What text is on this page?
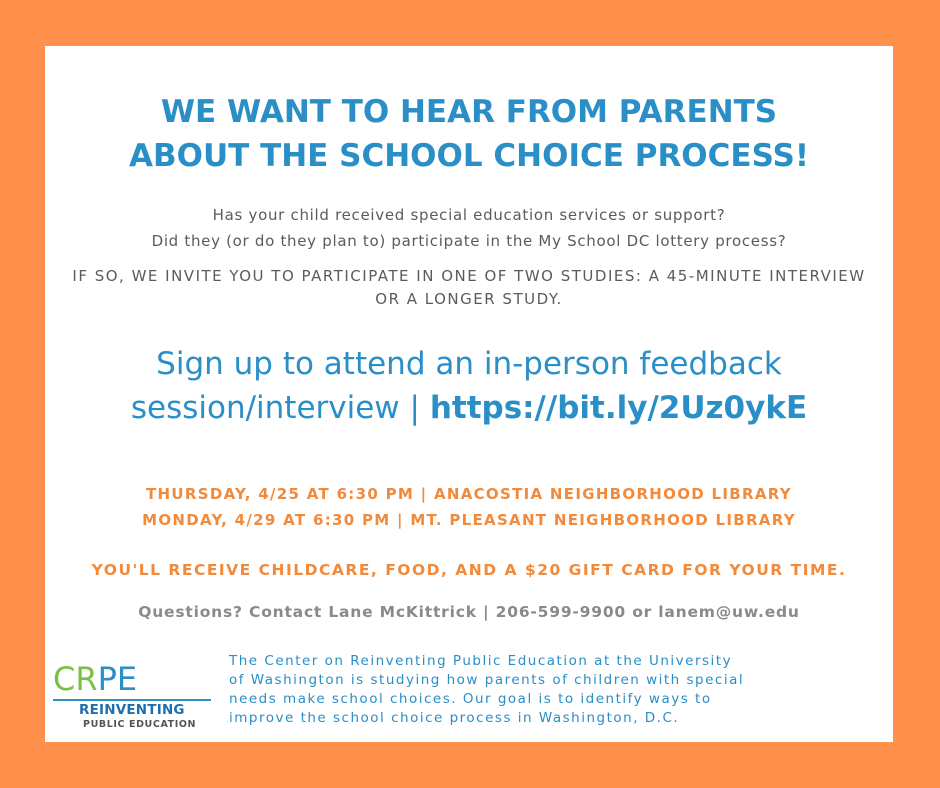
WE WANT TO HEAR FROM PARENTS
ABOUT THE SCHOOL CHOICE PROCESS!
Has your child received special education services or support?
Did they (or do they plan to) participate in the My School DC lottery process?
IF SO, WE INVITE YOU TO PARTICIPATE IN ONE OF TWO STUDIES: A 45-MINUTE INTERVIEW OR A LONGER STUDY.
Sign up to attend an in-person feedback
session/interview | https://bit.ly/2Uz0ykE
THURSDAY, 4/25 AT 6:30 PM | ANACOSTIA NEIGHBORHOOD LIBRARY
MONDAY, 4/29 AT 6:30 PM | MT. PLEASANT NEIGHBORHOOD LIBRARY
YOU'LL RECEIVE CHILDCARE, FOOD, AND A $20 GIFT CARD FOR YOUR TIME.
Questions? Contact Lane McKittrick | 206-599-9900 or lanem@uw.edu
CRPE
REINVENTING
PUBLIC EDUCATION
The Center on Reinventing Public Education at the University
of Washington is studying how parents of children with special
needs make school choices. Our goal is to identify ways to
improve the school choice process in Washington, D.C.
